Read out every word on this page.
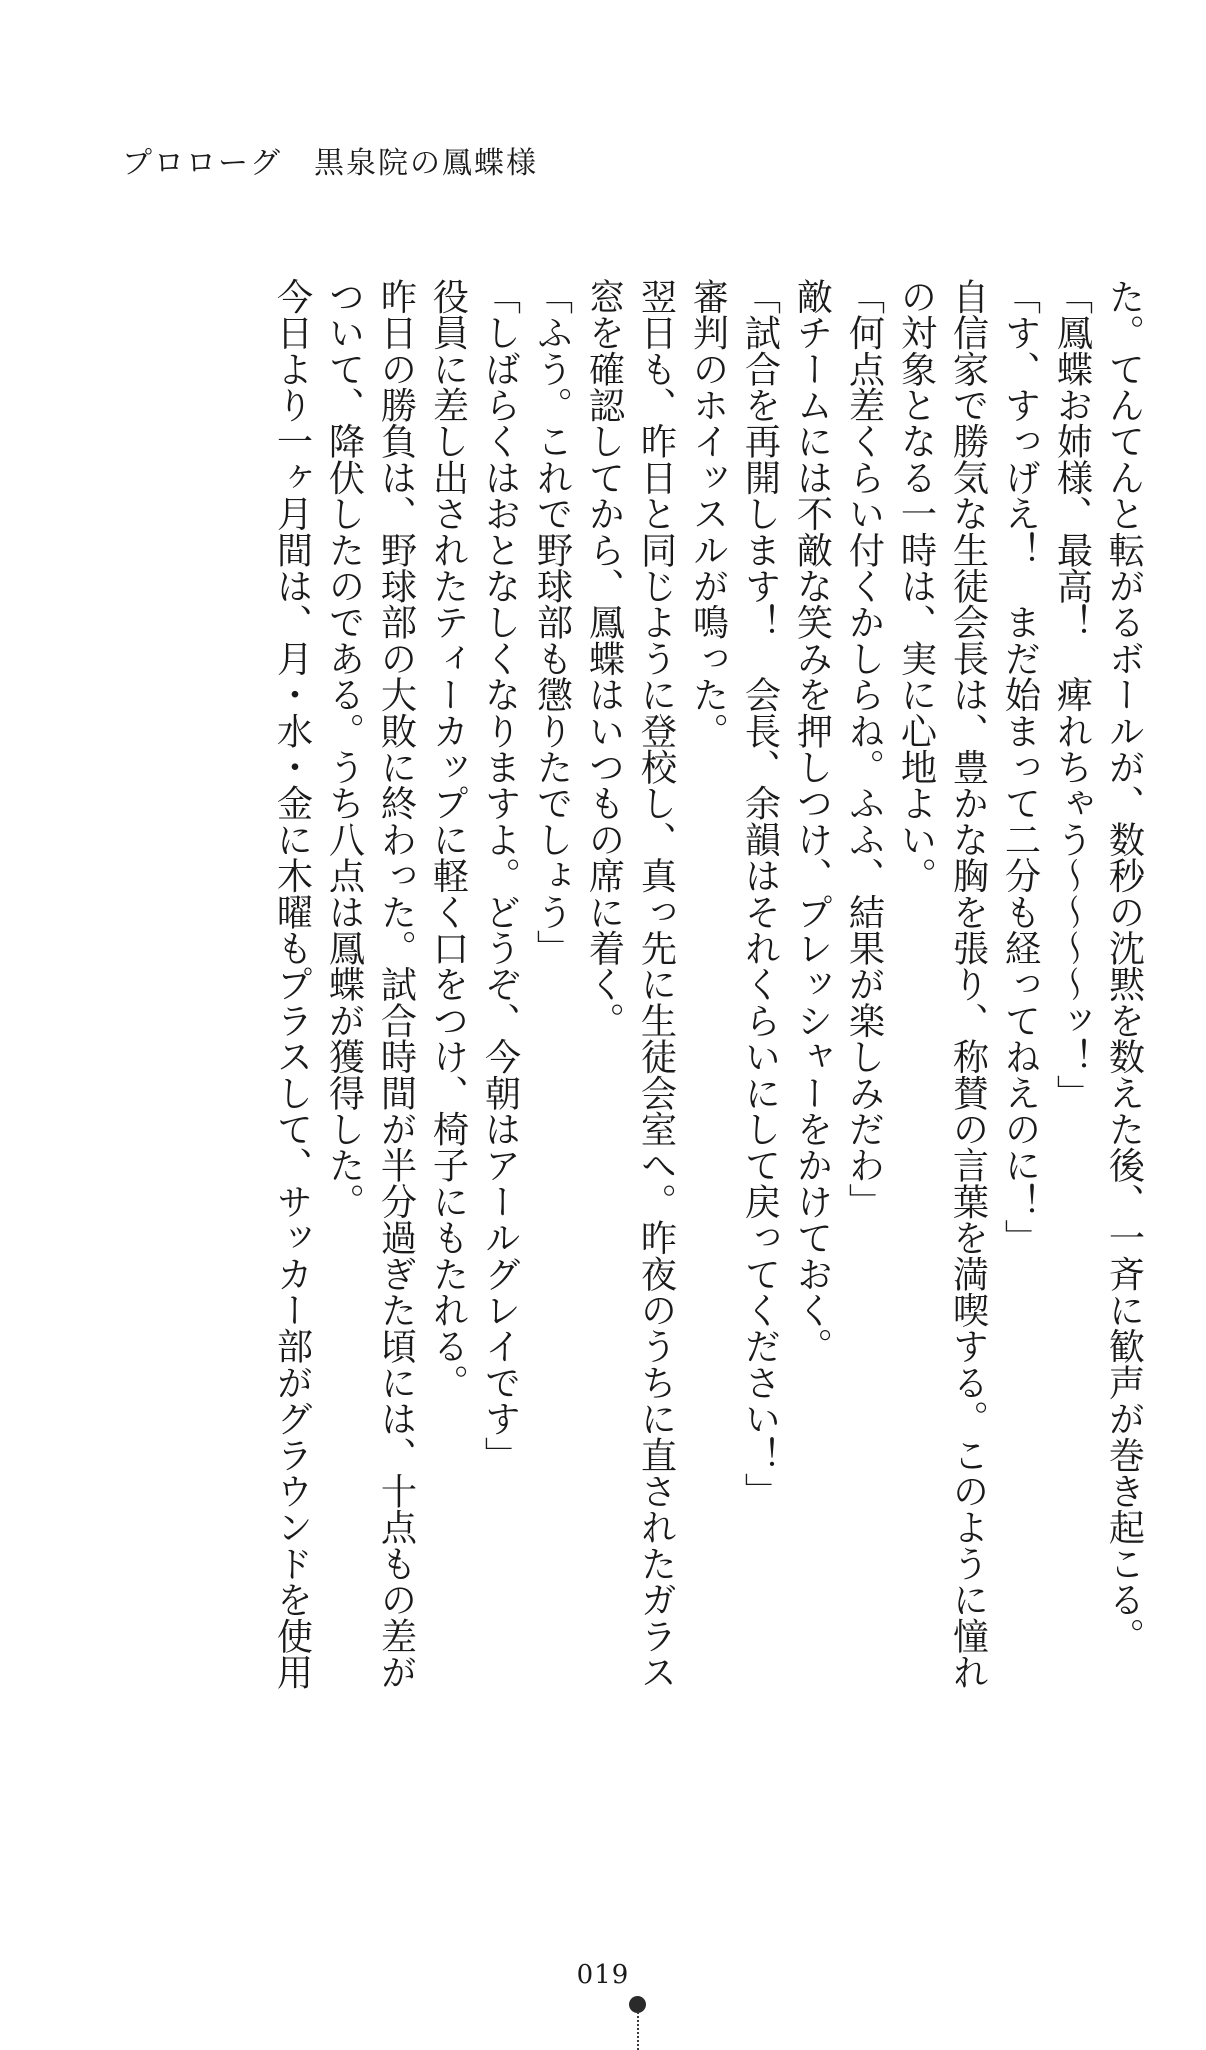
プロローグ　黒泉院の鳳蝶様
た。てんてんと転がるボールが、数秒の沈黙を数えた後、一斉に歓声が巻き起こる。
「鳳蝶お姉様、最高！　痺れちゃう～～～～ッ！」
「す、すっげえ！　まだ始まって二分も経ってねえのに！」
自信家で勝気な生徒会長は、豊かな胸を張り、称賛の言葉を満喫する。このように憧れ
の対象となる一時は、実に心地よい。
「何点差くらい付くかしらね。ふふ、結果が楽しみだわ」
敵チームには不敵な笑みを押しつけ、プレッシャーをかけておく。
「試合を再開します！　会長、余韻はそれくらいにして戻ってください！」
審判のホイッスルが鳴った。
翌日も、昨日と同じように登校し、真っ先に生徒会室へ。昨夜のうちに直されたガラス
窓を確認してから、鳳蝶はいつもの席に着く。
「ふう。これで野球部も懲りたでしょう」
「しばらくはおとなしくなりますよ。どうぞ、今朝はアールグレイです」
役員に差し出されたティーカップに軽く口をつけ、椅子にもたれる。
昨日の勝負は、野球部の大敗に終わった。試合時間が半分過ぎた頃には、十点もの差が
ついて、降伏したのである。うち八点は鳳蝶が獲得した。
今日より一ヶ月間は、月・水・金に木曜もプラスして、サッカー部がグラウンドを使用
019
